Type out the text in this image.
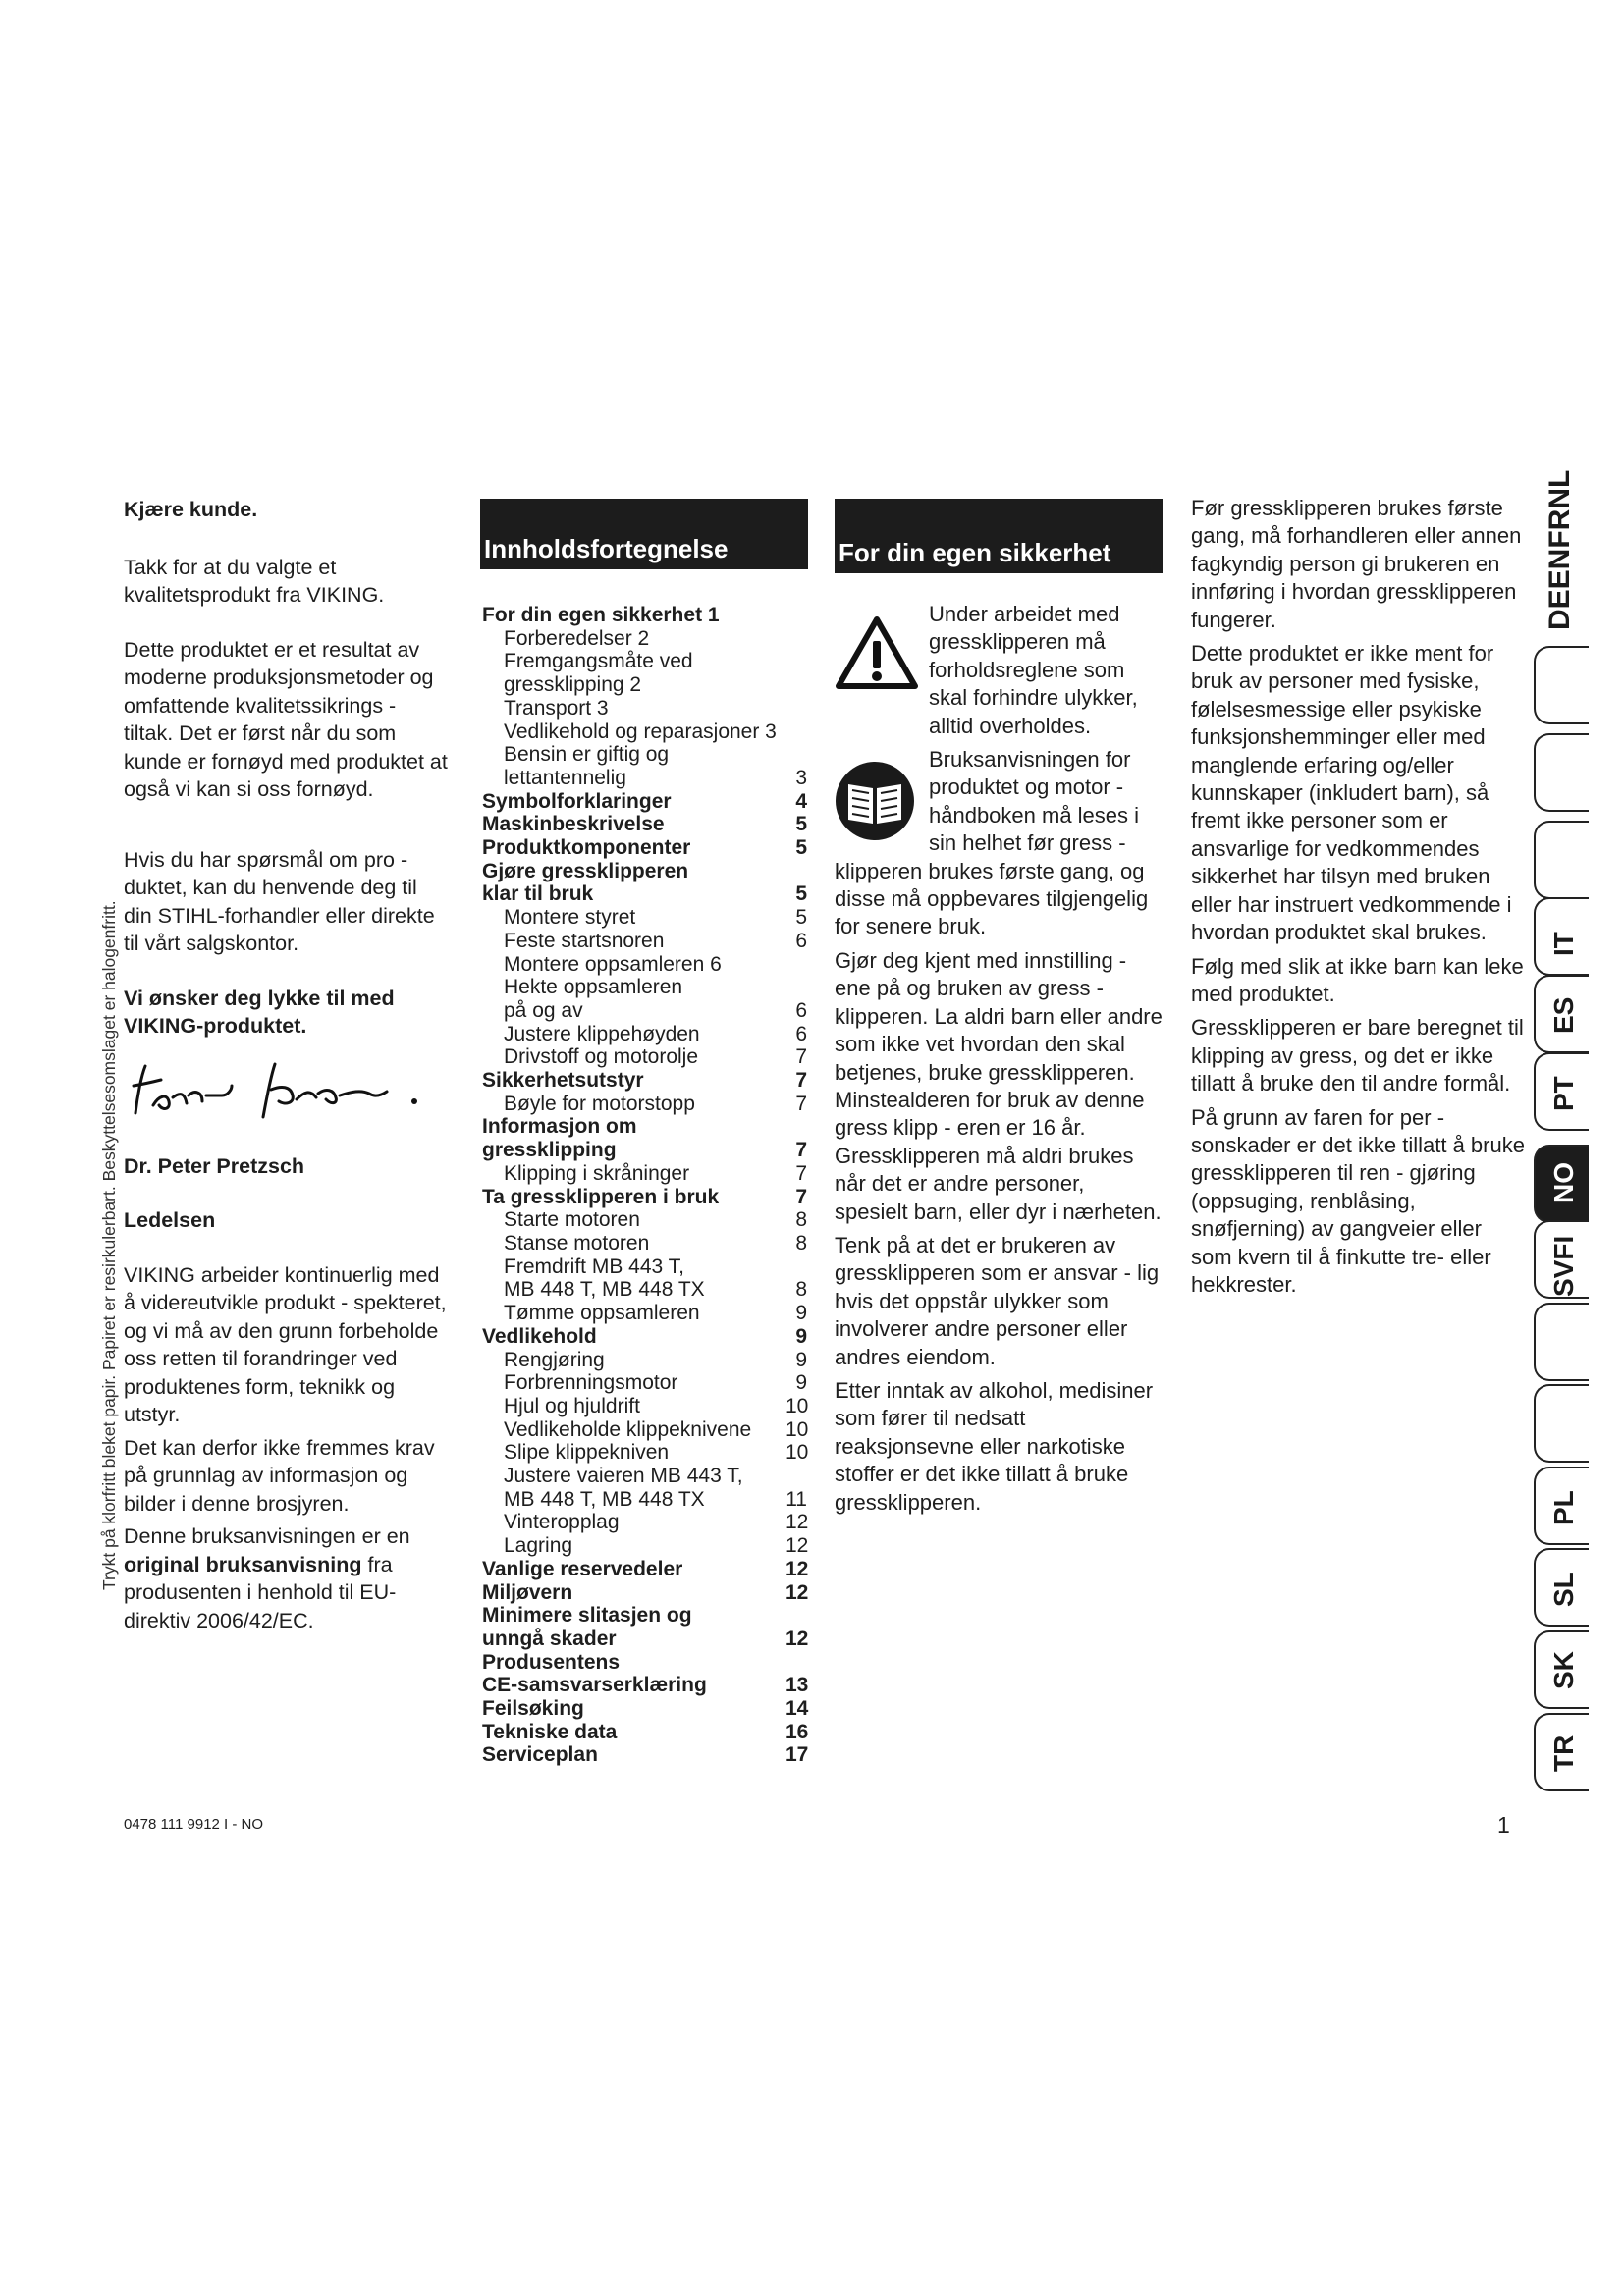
Trykt på klorfritt bleket papir. Papiret er resirkulerbart. Beskyttelsesomslaget er halogenfritt.

Kjære kunde.

Takk for at du valgte et kvalitetsprodukt fra VIKING.

Dette produktet er et resultat av moderne produksjonsmetoder og omfattende kvalitetssikrings - tiltak. Det er først når du som kunde er fornøyd med produktet at også vi kan si oss fornøyd.

Hvis du har spørsmål om pro - duktet, kan du henvende deg til din STIHL-forhandler eller direkte til vårt salgskontor.

Vi ønsker deg lykke til med VIKING-produktet.

Dr. Peter Pretzsch

Ledelsen

VIKING arbeider kontinuerlig med å videreutvikle produkt - spekteret, og vi må av den grunn forbeholde oss retten til forandringer ved produktenes form, teknikk og utstyr.

Det kan derfor ikke fremmes krav på grunnlag av informasjon og bilder i denne brosjyren.

Denne bruksanvisningen er en original bruksanvisning fra produsenten i henhold til EU-direktiv 2006/42/EC.

Innholdsfortegnelse
For din egen sikkerhet 1
Forberedelser 2
Fremgangsmåte ved
gressklipping 2
Transport 3
Vedlikehold og reparasjoner 3
Bensin er giftig og
lettantennelig	3
Symbolforklaringer	4
Maskinbeskrivelse	5
Produktkomponenter	5
Gjøre gressklipperen
klar til bruk	5
Montere styret	5
Feste startsnoren	6
Montere oppsamleren 6
Hekte oppsamleren
på og av	6
Justere klippehøyden	6
Drivstoff og motorolje	7
Sikkerhetsutstyr	7
Bøyle for motorstopp	7
Informasjon om
gressklipping	7
Klipping i skråninger	7
Ta gressklipperen i bruk	7
Starte motoren	8
Stanse motoren	8
Fremdrift MB 443 T,
MB 448 T, MB 448 TX	8
Tømme oppsamleren	9
Vedlikehold	9
Rengjøring	9
Forbrenningsmotor	9
Hjul og hjuldrift	10
Vedlikeholde klippeknivene	10
Slipe klippekniven	10
Justere vaieren MB 443 T,
MB 448 T, MB 448 TX	11
Vinteropplag	12
Lagring	12
Vanlige reservedeler	12
Miljøvern	12
Minimere slitasjen og
unngå skader	12
Produsentens
CE-samsvarserklæring	13
Feilsøking	14
Tekniske data	16
Serviceplan	17
For din egen sikkerhet

Under arbeidet med gressklipperen må forholdsreglene som skal forhindre ulykker, alltid overholdes.

Bruksanvisningen for produktet og motor - håndboken må leses i sin helhet før gress -

klipperen brukes første gang, og disse må oppbevares tilgjengelig for senere bruk.

Gjør deg kjent med innstilling - ene på og bruken av gress - klipperen. La aldri barn eller andre som ikke vet hvordan den skal betjenes, bruke gressklipperen. Minstealderen for bruk av denne gress klipp - eren er 16 år. Gressklipperen må aldri brukes når det er andre personer, spesielt barn, eller dyr i nærheten.

Tenk på at det er brukeren av gressklipperen som er ansvar - lig hvis det oppstår ulykker som involverer andre personer eller andres eiendom.

Etter inntak av alkohol, medisiner som fører til nedsatt reaksjonsevne eller narkotiske stoffer er det ikke tillatt å bruke gressklipperen.

Før gressklipperen brukes første gang, må forhandleren eller annen fagkyndig person gi brukeren en innføring i hvordan gressklipperen fungerer.

Dette produktet er ikke ment for bruk av personer med fysiske, følelsesmessige eller psykiske funksjonshemminger eller med manglende erfaring og/eller kunnskaper (inkludert barn), så fremt ikke personer som er ansvarlige for vedkommendes sikkerhet har tilsyn med bruken eller har instruert vedkommende i hvordan produktet skal brukes.

Følg med slik at ikke barn kan leke med produktet.

Gressklipperen er bare beregnet til klipping av gress, og det er ikke tillatt å bruke den til andre formål.

På grunn av faren for per - sonskader er det ikke tillatt å bruke gressklipperen til ren - gjøring (oppsuging, renblåsing, snøfjerning) av gangveier eller som kvern til å finkutte tre- eller hekkrester.

DEENFRNL
IT
ES
PT
NO
SVFI
PL
SL
SK
TR
0478 111 9912 I - NO	1
